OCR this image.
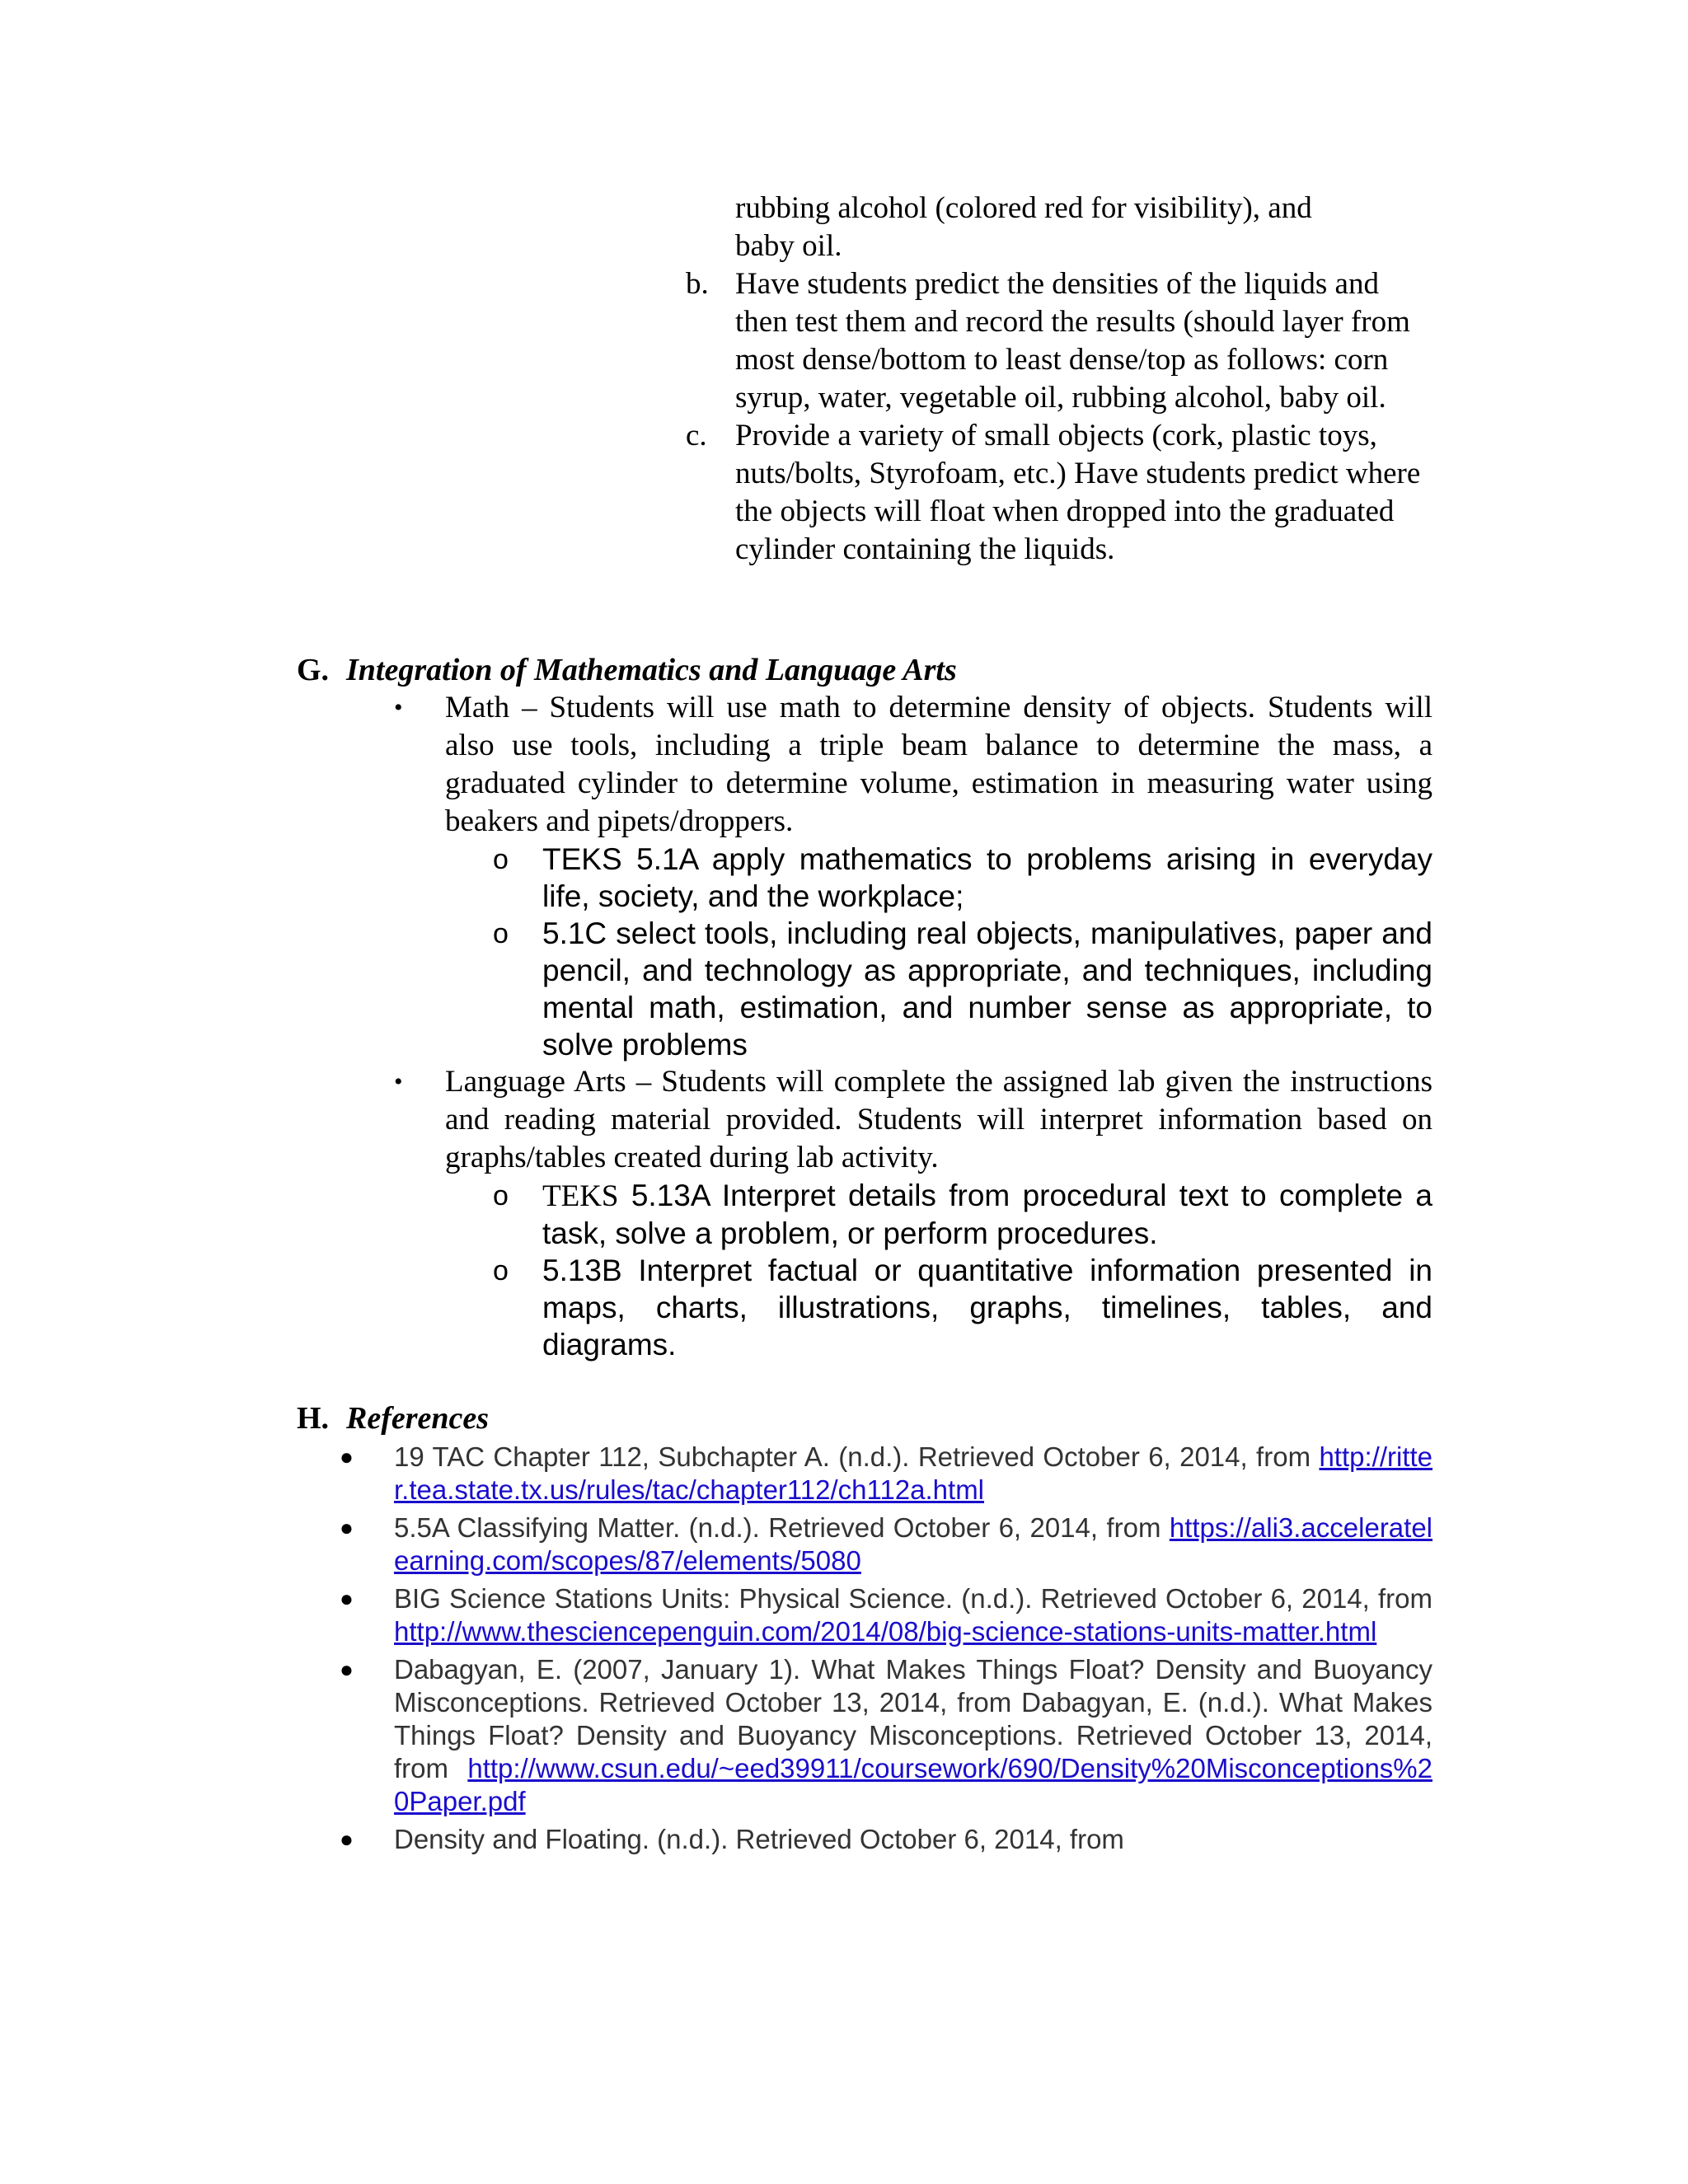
rubbing alcohol (colored red for visibility), and
baby oil.
b. Have students predict the densities of the liquids and then test them and record the results (should layer from most dense/bottom to least dense/top as follows: corn syrup, water, vegetable oil, rubbing alcohol, baby oil.
c. Provide a variety of small objects (cork, plastic toys, nuts/bolts, Styrofoam, etc.) Have students predict where the objects will float when dropped into the graduated cylinder containing the liquids.
G. Integration of Mathematics and Language Arts
•	Math – Students will use math to determine density of objects. Students will also use tools, including a triple beam balance to determine the mass, a graduated cylinder to determine volume, estimation in measuring water using beakers and pipets/droppers.
o	TEKS 5.1A apply mathematics to problems arising in everyday life, society, and the workplace;
o	5.1C select tools, including real objects, manipulatives, paper and pencil, and technology as appropriate, and techniques, including mental math, estimation, and number sense as appropriate, to solve problems
•	Language Arts – Students will complete the assigned lab given the instructions and reading material provided. Students will interpret information based on graphs/tables created during lab activity.
o	TEKS 5.13A Interpret details from procedural text to complete a task, solve a problem, or perform procedures.
o	5.13B Interpret factual or quantitative information presented in maps, charts, illustrations, graphs, timelines, tables, and diagrams.
H. References
●	19 TAC Chapter 112, Subchapter A. (n.d.). Retrieved October 6, 2014, from http://ritter.tea.state.tx.us/rules/tac/chapter112/ch112a.html
●	5.5A Classifying Matter. (n.d.). Retrieved October 6, 2014, from https://ali3.acceleratelearning.com/scopes/87/elements/5080
●	BIG Science Stations Units: Physical Science. (n.d.). Retrieved October 6, 2014, from http://www.thesciencepenguin.com/2014/08/big-science-stations-units-matter.html
●	Dabagyan, E. (2007, January 1). What Makes Things Float? Density and Buoyancy Misconceptions. Retrieved October 13, 2014, from Dabagyan, E. (n.d.). What Makes Things Float? Density and Buoyancy Misconceptions. Retrieved October 13, 2014, from http://www.csun.edu/~eed39911/coursework/690/Density%20Misconceptions%20Paper.pdf
●	Density and Floating. (n.d.). Retrieved October 6, 2014, from
